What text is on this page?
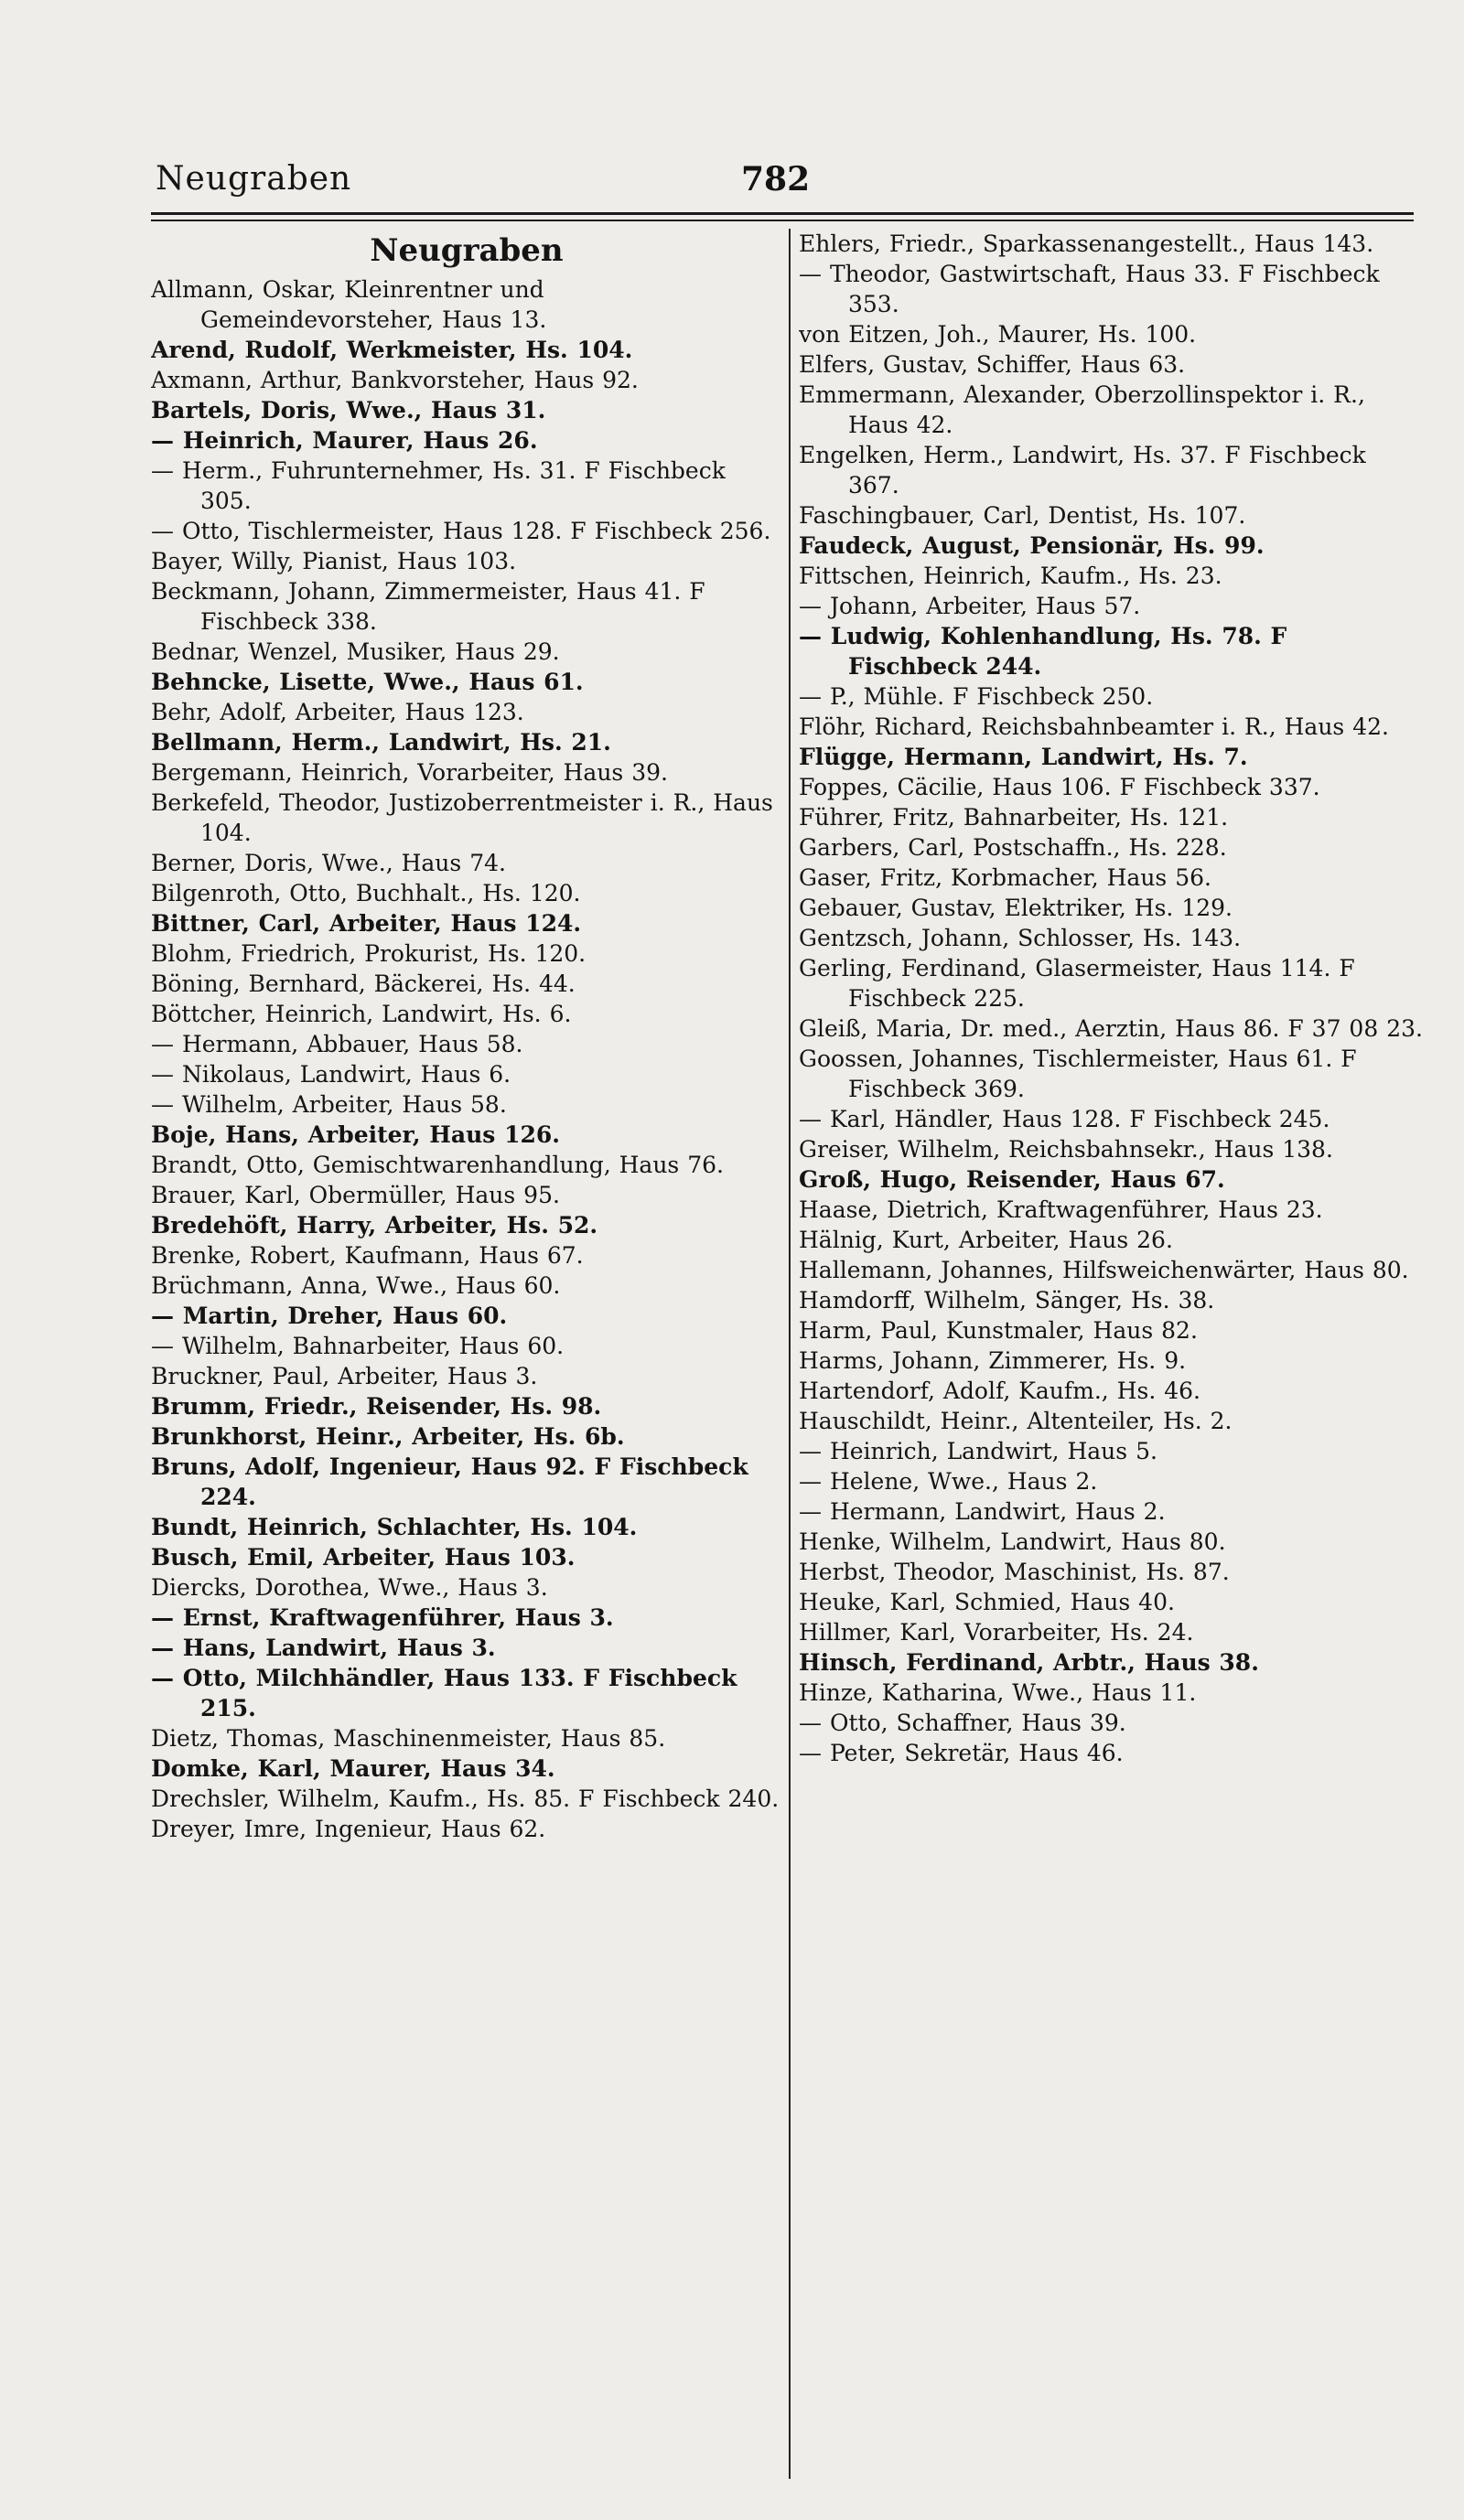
Neugraben	782
Neugraben
Allmann, Oskar, Kleinrentner und Gemeindevorsteher, Haus 13.
Arend, Rudolf, Werkmeister, Hs. 104.
Axmann, Arthur, Bankvorsteher, Haus 92.
Bartels, Doris, Wwe., Haus 31.
— Heinrich, Maurer, Haus 26.
— Herm., Fuhrunternehmer, Hs. 31. F Fischbeck 305.
— Otto, Tischlermeister, Haus 128. F Fischbeck 256.
Bayer, Willy, Pianist, Haus 103.
Beckmann, Johann, Zimmermeister, Haus 41. F Fischbeck 338.
Bednar, Wenzel, Musiker, Haus 29.
Behncke, Lisette, Wwe., Haus 61.
Behr, Adolf, Arbeiter, Haus 123.
Bellmann, Herm., Landwirt, Hs. 21.
Bergemann, Heinrich, Vorarbeiter, Haus 39.
Berkefeld, Theodor, Justizoberrentmeister i. R., Haus 104.
Berner, Doris, Wwe., Haus 74.
Bilgenroth, Otto, Buchhalt., Hs. 120.
Bittner, Carl, Arbeiter, Haus 124.
Blohm, Friedrich, Prokurist, Hs. 120.
Böning, Bernhard, Bäckerei, Hs. 44.
Böttcher, Heinrich, Landwirt, Hs. 6.
— Hermann, Abbauer, Haus 58.
— Nikolaus, Landwirt, Haus 6.
— Wilhelm, Arbeiter, Haus 58.
Boje, Hans, Arbeiter, Haus 126.
Brandt, Otto, Gemischtwarenhandlung, Haus 76.
Brauer, Karl, Obermüller, Haus 95.
Bredehöft, Harry, Arbeiter, Hs. 52.
Brenke, Robert, Kaufmann, Haus 67.
Brüchmann, Anna, Wwe., Haus 60.
— Martin, Dreher, Haus 60.
— Wilhelm, Bahnarbeiter, Haus 60.
Bruckner, Paul, Arbeiter, Haus 3.
Brumm, Friedr., Reisender, Hs. 98.
Brunkhorst, Heinr., Arbeiter, Hs. 6b.
Bruns, Adolf, Ingenieur, Haus 92. F Fischbeck 224.
Bundt, Heinrich, Schlachter, Hs. 104.
Busch, Emil, Arbeiter, Haus 103.
Diercks, Dorothea, Wwe., Haus 3.
— Ernst, Kraftwagenführer, Haus 3.
— Hans, Landwirt, Haus 3.
— Otto, Milchhändler, Haus 133. F Fischbeck 215.
Dietz, Thomas, Maschinenmeister, Haus 85.
Domke, Karl, Maurer, Haus 34.
Drechsler, Wilhelm, Kaufm., Hs. 85. F Fischbeck 240.
Dreyer, Imre, Ingenieur, Haus 62.
Ehlers, Friedr., Sparkassenangestellt., Haus 143.
— Theodor, Gastwirtschaft, Haus 33. F Fischbeck 353.
von Eitzen, Joh., Maurer, Hs. 100.
Elfers, Gustav, Schiffer, Haus 63.
Emmermann, Alexander, Oberzollinspektor i. R., Haus 42.
Engelken, Herm., Landwirt, Hs. 37. F Fischbeck 367.
Faschingbauer, Carl, Dentist, Hs. 107.
Faudeck, August, Pensionär, Hs. 99.
Fittschen, Heinrich, Kaufm., Hs. 23.
— Johann, Arbeiter, Haus 57.
— Ludwig, Kohlenhandlung, Hs. 78. F Fischbeck 244.
— P., Mühle. F Fischbeck 250.
Flöhr, Richard, Reichsbahnbeamter i. R., Haus 42.
Flügge, Hermann, Landwirt, Hs. 7.
Foppes, Cäcilie, Haus 106. F Fischbeck 337.
Führer, Fritz, Bahnarbeiter, Hs. 121.
Garbers, Carl, Postschaffn., Hs. 228.
Gaser, Fritz, Korbmacher, Haus 56.
Gebauer, Gustav, Elektriker, Hs. 129.
Gentzsch, Johann, Schlosser, Hs. 143.
Gerling, Ferdinand, Glasermeister, Haus 114. F Fischbeck 225.
Gleiß, Maria, Dr. med., Aerztin, Haus 86. F 37 08 23.
Goossen, Johannes, Tischlermeister, Haus 61. F Fischbeck 369.
— Karl, Händler, Haus 128. F Fischbeck 245.
Greiser, Wilhelm, Reichsbahnsekr., Haus 138.
Groß, Hugo, Reisender, Haus 67.
Haase, Dietrich, Kraftwagenführer, Haus 23.
Hälnig, Kurt, Arbeiter, Haus 26.
Hallemann, Johannes, Hilfsweichenwärter, Haus 80.
Hamdorff, Wilhelm, Sänger, Hs. 38.
Harm, Paul, Kunstmaler, Haus 82.
Harms, Johann, Zimmerer, Hs. 9.
Hartendorf, Adolf, Kaufm., Hs. 46.
Hauschildt, Heinr., Altenteiler, Hs. 2.
— Heinrich, Landwirt, Haus 5.
— Helene, Wwe., Haus 2.
— Hermann, Landwirt, Haus 2.
Henke, Wilhelm, Landwirt, Haus 80.
Herbst, Theodor, Maschinist, Hs. 87.
Heuke, Karl, Schmied, Haus 40.
Hillmer, Karl, Vorarbeiter, Hs. 24.
Hinsch, Ferdinand, Arbtr., Haus 38.
Hinze, Katharina, Wwe., Haus 11.
— Otto, Schaffner, Haus 39.
— Peter, Sekretär, Haus 46.
